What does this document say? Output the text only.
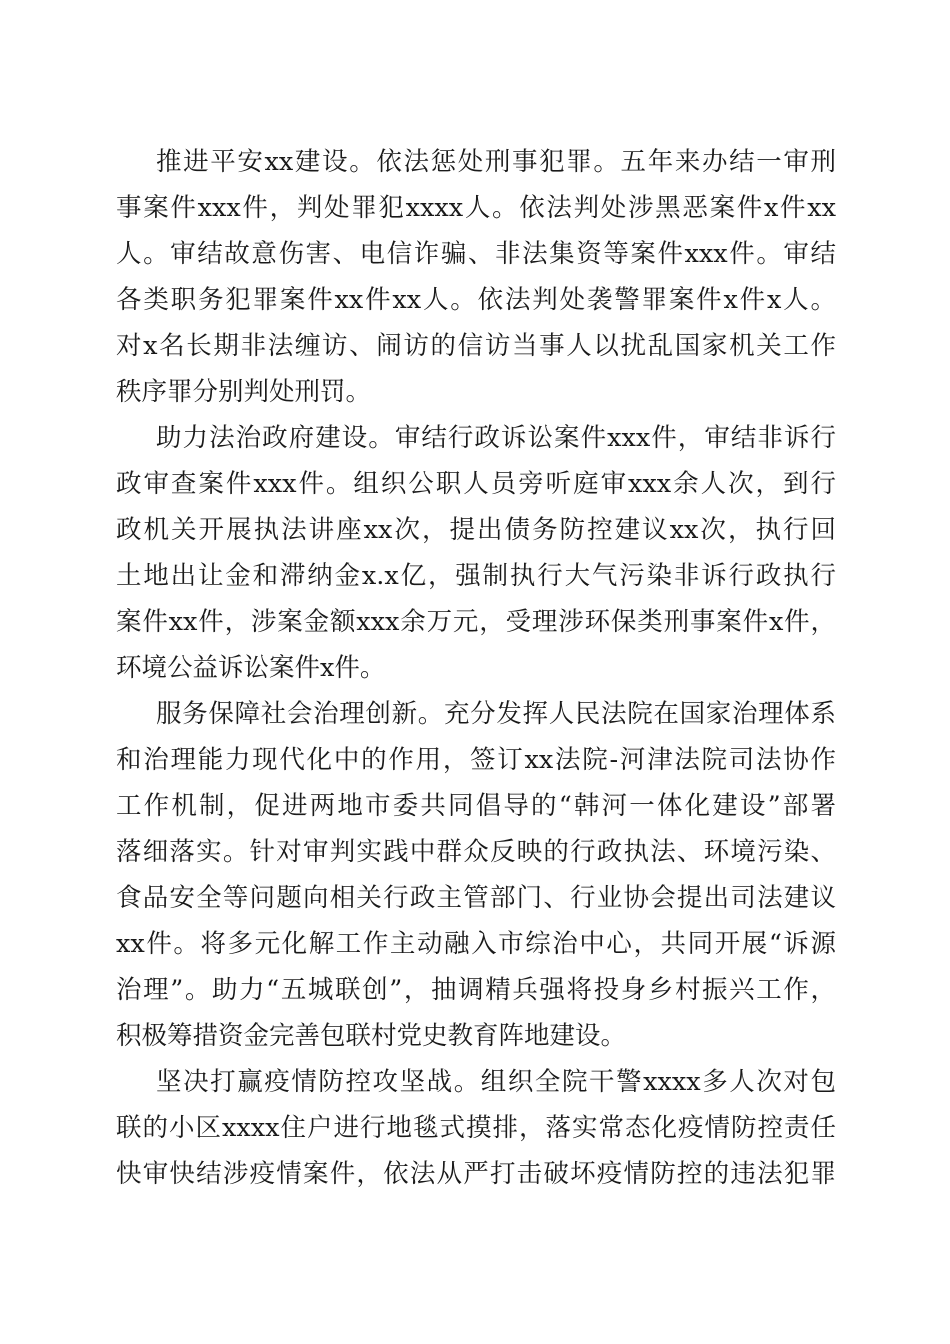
推进平安xx建设。依法惩处刑事犯罪。五年来办结一审刑
事案件xxx件，判处罪犯xxxx人。依法判处涉黑恶案件x件xx
人。审结故意伤害、电信诈骗、非法集资等案件xxx件。审结
各类职务犯罪案件xx件xx人。依法判处袭警罪案件x件x人。
对x名长期非法缠访、闹访的信访当事人以扰乱国家机关工作
秩序罪分别判处刑罚。
助力法治政府建设。审结行政诉讼案件xxx件，审结非诉行
政审查案件xxx件。组织公职人员旁听庭审xxx余人次，到行
政机关开展执法讲座xx次，提出债务防控建议xx次，执行回
土地出让金和滞纳金x.x亿，强制执行大气污染非诉行政执行
案件xx件，涉案金额xxx余万元，受理涉环保类刑事案件x件，
环境公益诉讼案件x件。
服务保障社会治理创新。充分发挥人民法院在国家治理体系
和治理能力现代化中的作用，签订xx法院-河津法院司法协作
工作机制，促进两地市委共同倡导的“韩河一体化建设”部署
落细落实。针对审判实践中群众反映的行政执法、环境污染、
食品安全等问题向相关行政主管部门、行业协会提出司法建议
xx件。将多元化解工作主动融入市综治中心，共同开展“诉源
治理”。助力“五城联创”，抽调精兵强将投身乡村振兴工作，
积极筹措资金完善包联村党史教育阵地建设。
坚决打赢疫情防控攻坚战。组织全院干警xxxx多人次对包
联的小区xxxx住户进行地毯式摸排，落实常态化疫情防控责任
快审快结涉疫情案件，依法从严打击破坏疫情防控的违法犯罪
